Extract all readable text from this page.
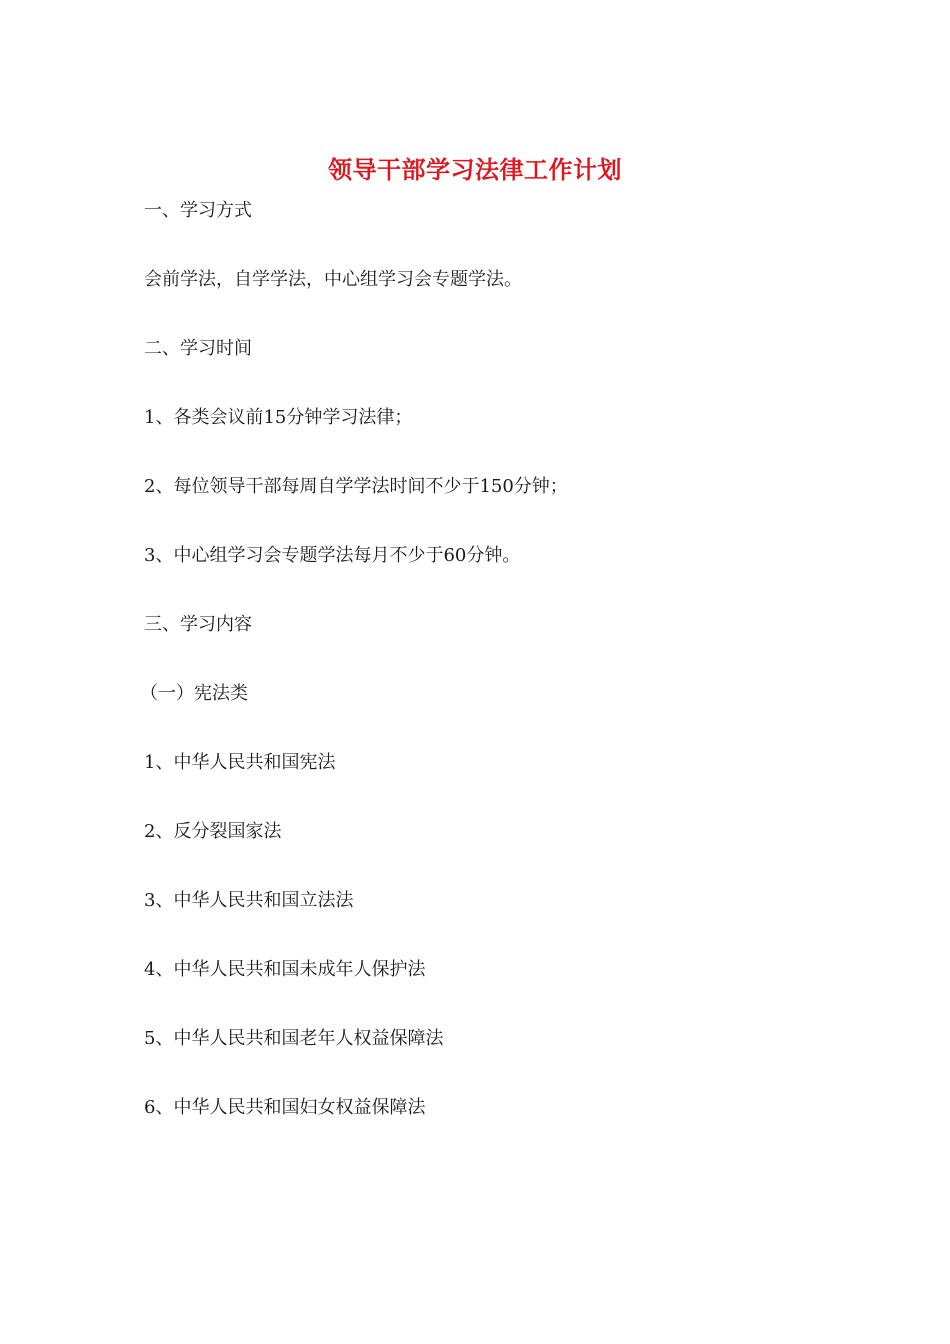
领导干部学习法律工作计划
一、学习方式
会前学法，自学学法，中心组学习会专题学法。
二、学习时间
1、各类会议前15分钟学习法律；
2、每位领导干部每周自学学法时间不少于150分钟；
3、中心组学习会专题学法每月不少于60分钟。
三、学习内容
（一）宪法类
1、中华人民共和国宪法
2、反分裂国家法
3、中华人民共和国立法法
4、中华人民共和国未成年人保护法
5、中华人民共和国老年人权益保障法
6、中华人民共和国妇女权益保障法
